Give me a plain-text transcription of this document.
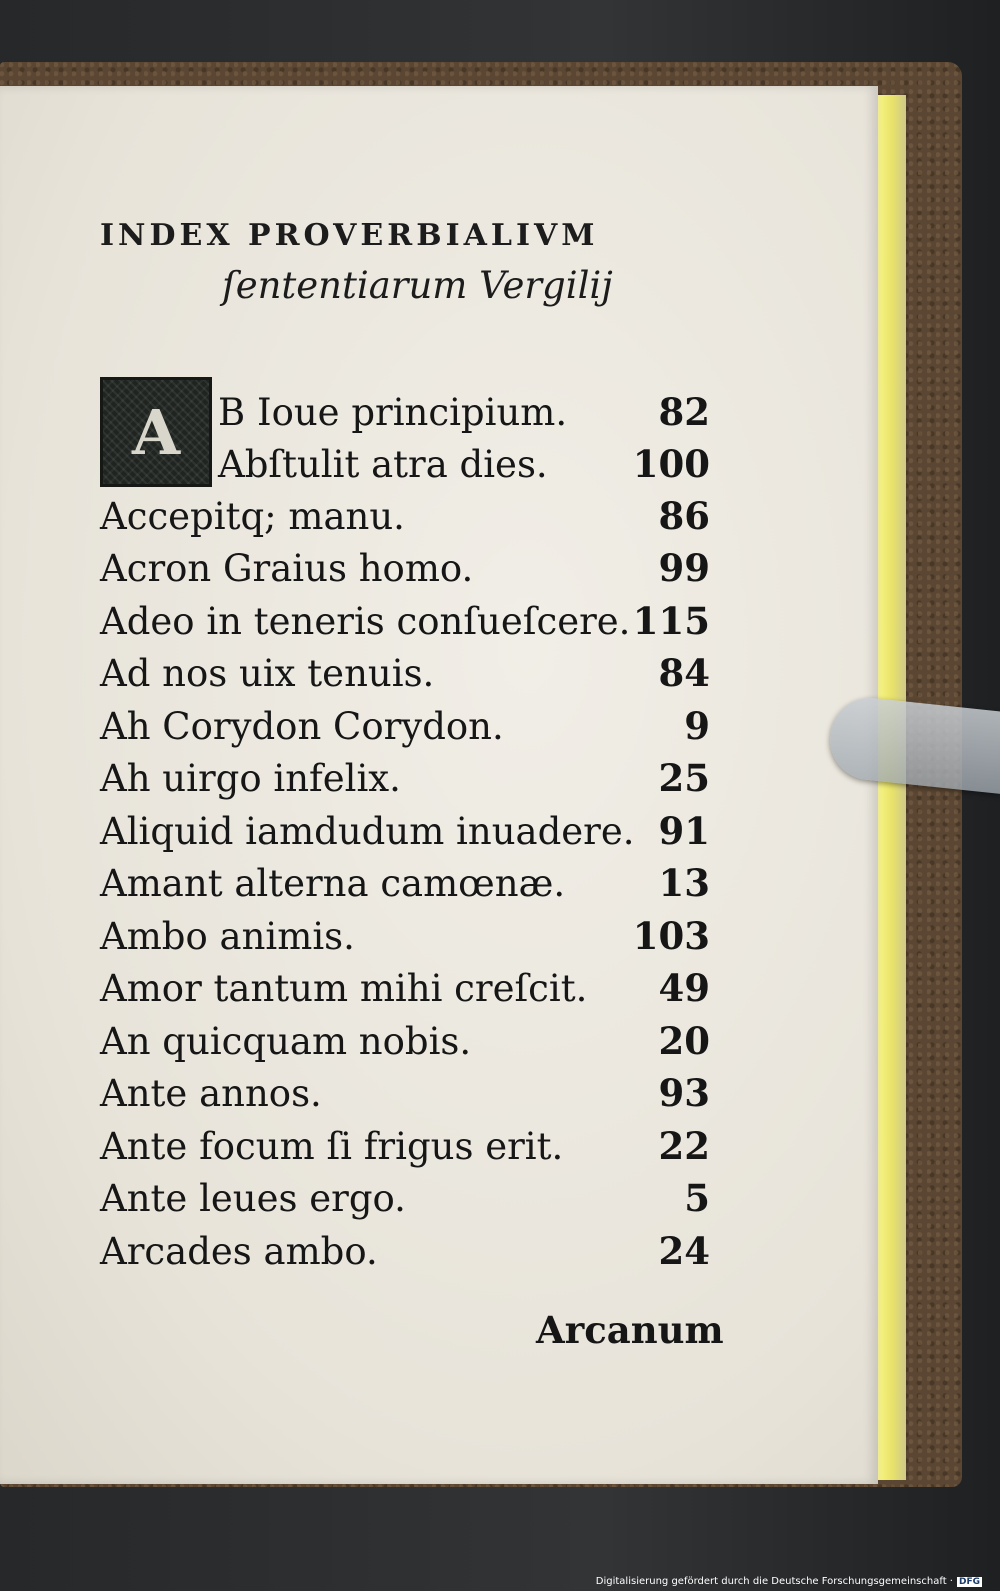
INDEX PROVERBIALIVM
ſententiarum Vergilij
A B Ioue principium. 82
Abſtulit atra dies. 100
Accepitq; manu.	86
Acron Graius homo.	99
Adeo in teneris conſueſcere. 115
Ad nos uix tenuis.	84
Ah Corydon Corydon.	9
Ah uirgo infelix.	25
Aliquid iamdudum inuadere. 91
Amant alterna camœnæ.	13
Ambo animis.	103
Amor tantum mihi creſcit. 49
An quicquam nobis.	20
Ante annos.	93
Ante focum ſi frigus erit.	22
Ante leues ergo.	5
Arcades ambo.	24
Arcanum
Digitalisierung gefördert durch die Deutsche Forschungsgemeinschaft · DFG
